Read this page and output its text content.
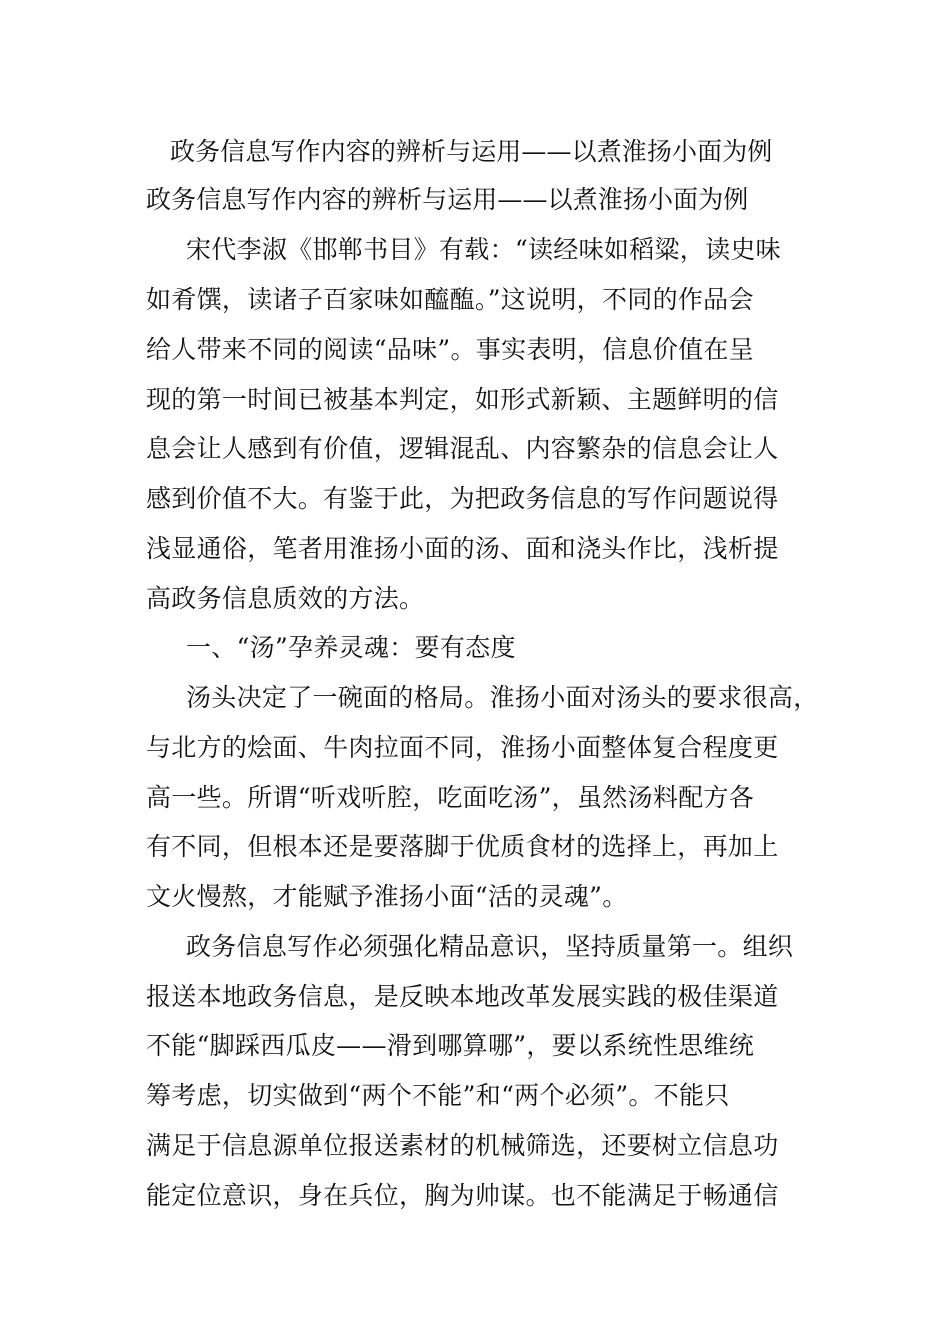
政务信息写作内容的辨析与运用——以煮淮扬小面为例
政务信息写作内容的辨析与运用——以煮淮扬小面为例
宋代李淑《邯郸书目》有载：“读经味如稻粱，读史味
如肴馔，读诸子百家味如醯醢。”这说明，不同的作品会
给人带来不同的阅读“品味”。事实表明，信息价值在呈
现的第一时间已被基本判定，如形式新颖、主题鲜明的信
息会让人感到有价值，逻辑混乱、内容繁杂的信息会让人
感到价值不大。有鉴于此，为把政务信息的写作问题说得
浅显通俗，笔者用淮扬小面的汤、面和浇头作比，浅析提
高政务信息质效的方法。
一、“汤”孕养灵魂：要有态度
汤头决定了一碗面的格局。淮扬小面对汤头的要求很高，
与北方的烩面、牛肉拉面不同，淮扬小面整体复合程度更
高一些。所谓“听戏听腔，吃面吃汤”，虽然汤料配方各
有不同，但根本还是要落脚于优质食材的选择上，再加上
文火慢熬，才能赋予淮扬小面“活的灵魂”。
政务信息写作必须强化精品意识，坚持质量第一。组织
报送本地政务信息，是反映本地改革发展实践的极佳渠道
不能“脚踩西瓜皮——滑到哪算哪”，要以系统性思维统
筹考虑，切实做到“两个不能”和“两个必须”。不能只
满足于信息源单位报送素材的机械筛选，还要树立信息功
能定位意识，身在兵位，胸为帅谋。也不能满足于畅通信
